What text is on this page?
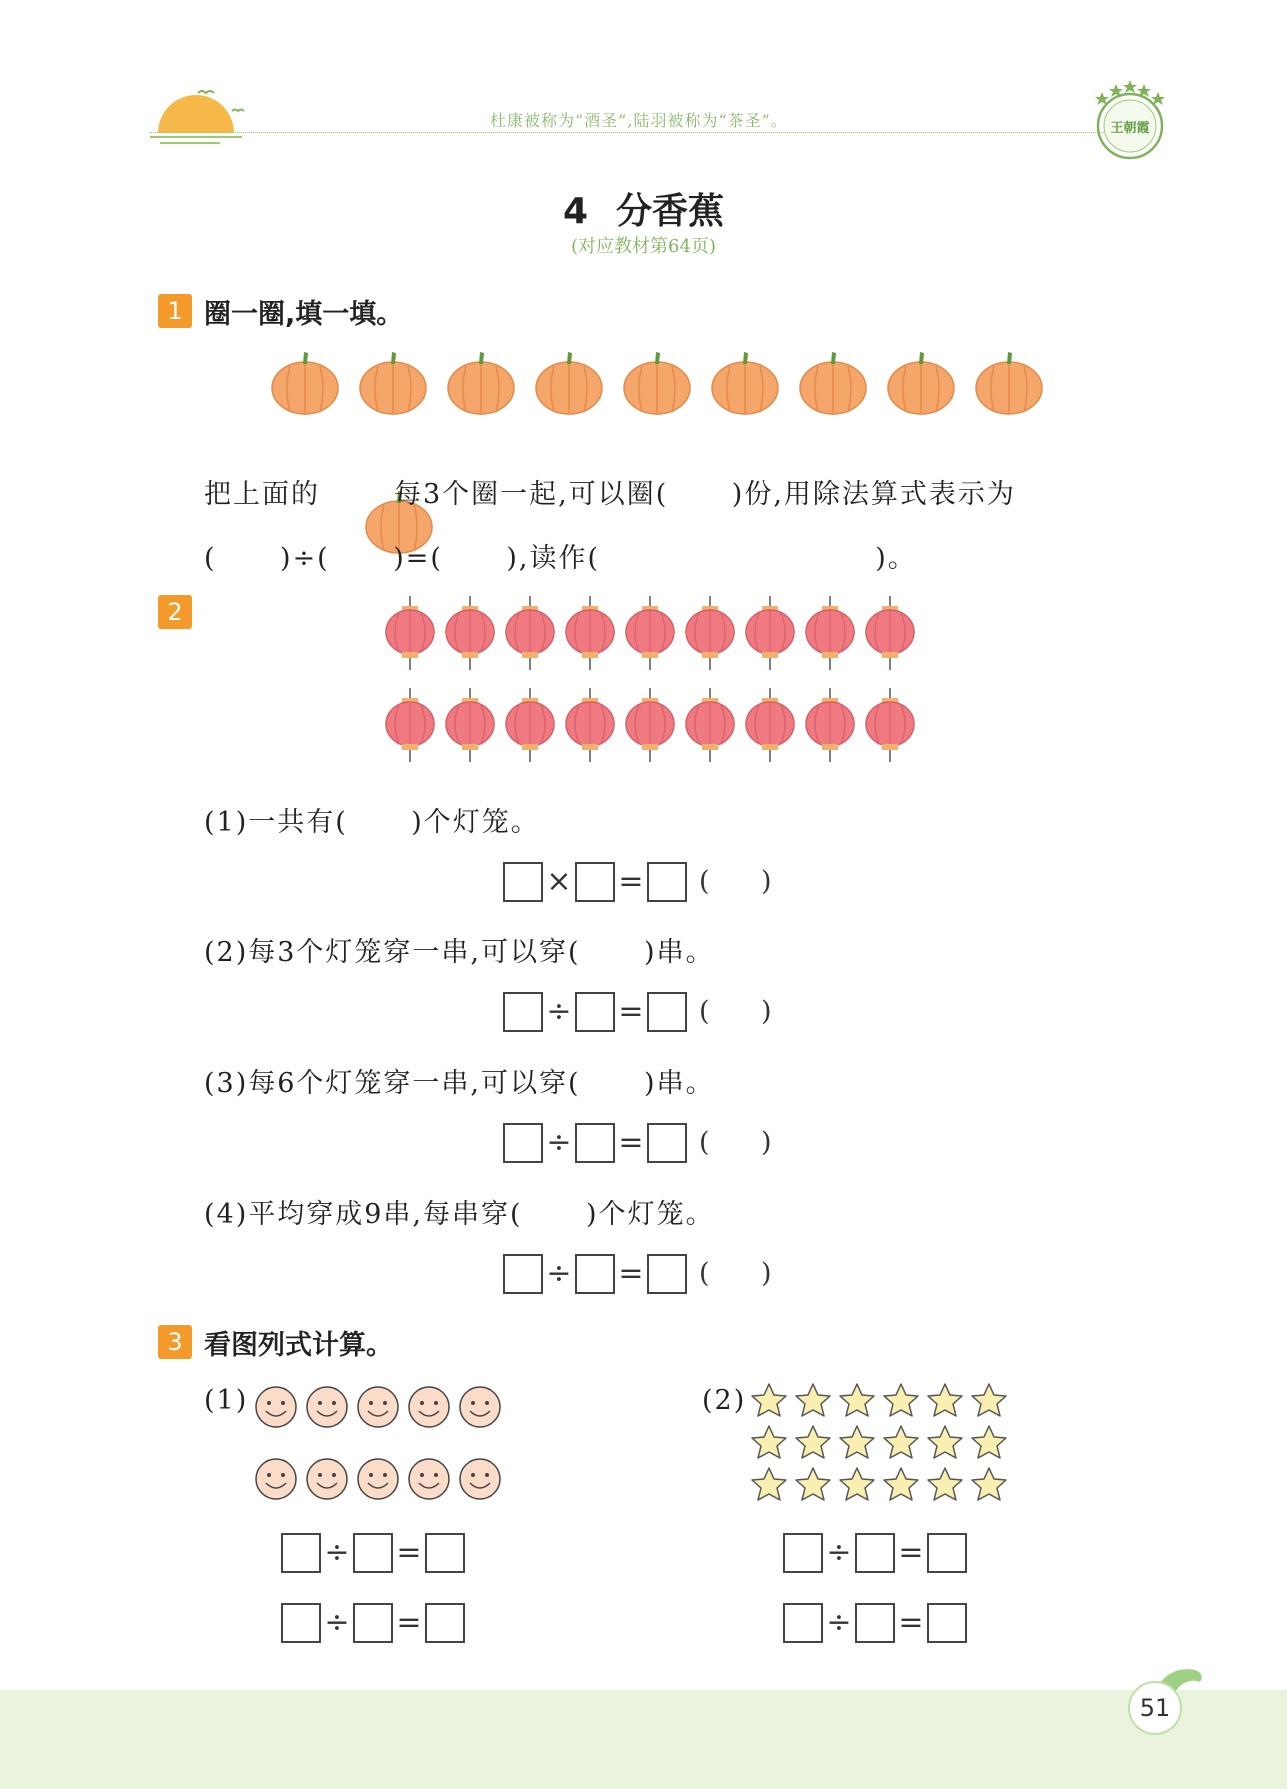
杜康被称为“酒圣”,陆羽被称为“茶圣”。	王朝霞
4 分香蕉
(对应教材第64页)
1 圈一圈,填一填。
把上面的

	每3个圈一起,可以圈(      )份,用除法算式表示为
(      )÷(      )=(      ),读作(                          )。
2
(1)一共有(      )个灯笼。
× = (      )
(2)每3个灯笼穿一串,可以穿(      )串。
÷ = (      )
(3)每6个灯笼穿一串,可以穿(      )串。
÷ = (      )
(4)平均穿成9串,每串穿(      )个灯笼。
÷ = (      )
3 看图列式计算。
(1)	(2)
÷ =
÷ =
÷ =
÷ =
51
